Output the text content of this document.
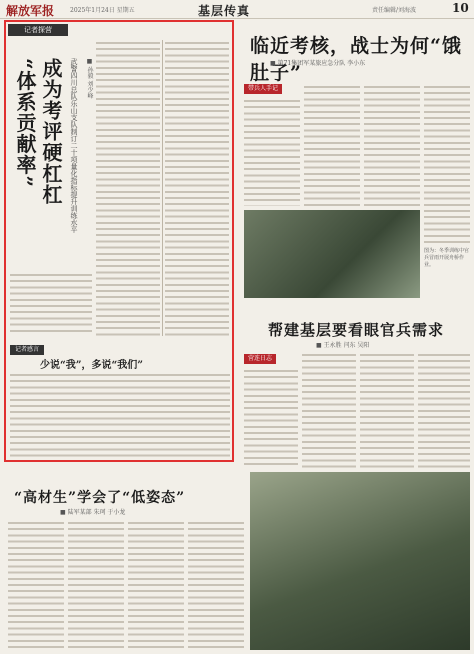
解放军报	2025年1月24日 星期五	基层传真	责任编辑/刘海波	10
记者探营
“体系贡献率” 成为考评硬杠杠	武警四川总队乐山支队制订二十项量化指标提升训练水平	■ 孙毅 刘少峰
记者感言
少说“我”，多说“我们”
临近考核，战士为何“饿肚子”
■ 第71集团军某旅应急分队 李小东
带兵人手记
图为：冬季训练中官兵冒雨开展舟桥作业。
帮建基层要看眼官兵需求
■ 王永胜 闫东 吴阳
营连日志
“高材生”学会了“低姿态”
■ 陆军某部 朱珂 于小龙
